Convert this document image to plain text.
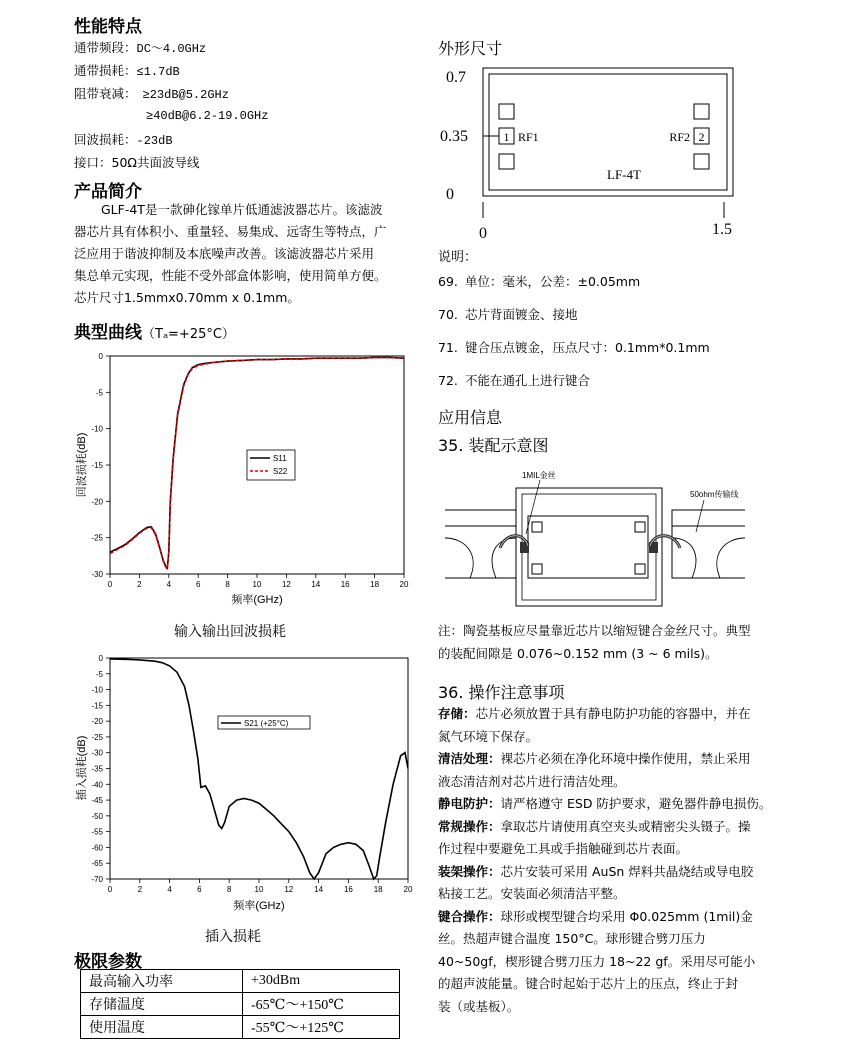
性能特点
通带频段：DC～4.0GHz
通带损耗：≤1.7dB
阻带衰减： ≥23dB@5.2GHz
≥40dB@6.2-19.0GHz
回波损耗：-23dB
接口：50Ω共面波导线
产品简介
GLF-4T是一款砷化镓单片低通滤波器芯片。该滤波
器芯片具有体积小、重量轻、易集成、远寄生等特点，广
泛应用于谐波抑制及本底噪声改善。该滤波器芯片采用
集总单元实现，性能不受外部盒体影响，使用简单方便。
芯片尺寸1.5mmx0.70mm x 0.1mm。
典型曲线（Tₐ=+25°C）
0	2	4	6	8	10	12	14	16	18	20
0
-5
-10
-15
-20
-25
-30
频率(GHz)
回波损耗(dB)	S11
S22
输入输出回波损耗
0	2	4	6	8	10	12	14	16	18	20
0
-5
-10
-15
-20
-25
-30
-35
-40
-45
-50
-55
-60
-65
-70
频率(GHz)
插入损耗(dB)
S21 (+25°C)
插入损耗
极限参数
最高输入功率	+30dBm
存储温度	-65℃～+150℃
使用温度	-55℃～+125℃
外形尺寸
1 RF1	2
RF2
LF-4T
0.7
0.35
0
0	1.5
说明：
69. 单位：毫米，公差：±0.05mm
70. 芯片背面镀金、接地
71. 键合压点镀金，压点尺寸：0.1mm*0.1mm
72. 不能在通孔上进行键合
应用信息
35. 装配示意图
1MIL金丝
50ohm传输线
注：陶瓷基板应尽量靠近芯片以缩短键合金丝尺寸。典型
的装配间隙是 0.076~0.152 mm (3 ~ 6 mils)。
36. 操作注意事项
存储：芯片必须放置于具有静电防护功能的容器中，并在
氮气环境下保存。
清洁处理：裸芯片必须在净化环境中操作使用，禁止采用
液态清洁剂对芯片进行清洁处理。
静电防护：请严格遵守 ESD 防护要求，避免器件静电损伤。
常规操作：拿取芯片请使用真空夹头或精密尖头镊子。操
作过程中要避免工具或手指触碰到芯片表面。
装架操作：芯片安装可采用 AuSn 焊料共晶烧结或导电胶
粘接工艺。安装面必须清洁平整。
键合操作：球形或楔型键合均采用 Φ0.025mm (1mil)金
丝。热超声键合温度 150°C。球形键合劈刀压力
40~50gf，楔形键合劈刀压力 18~22 gf。采用尽可能小
的超声波能量。键合时起始于芯片上的压点，终止于封
装（或基板）。
